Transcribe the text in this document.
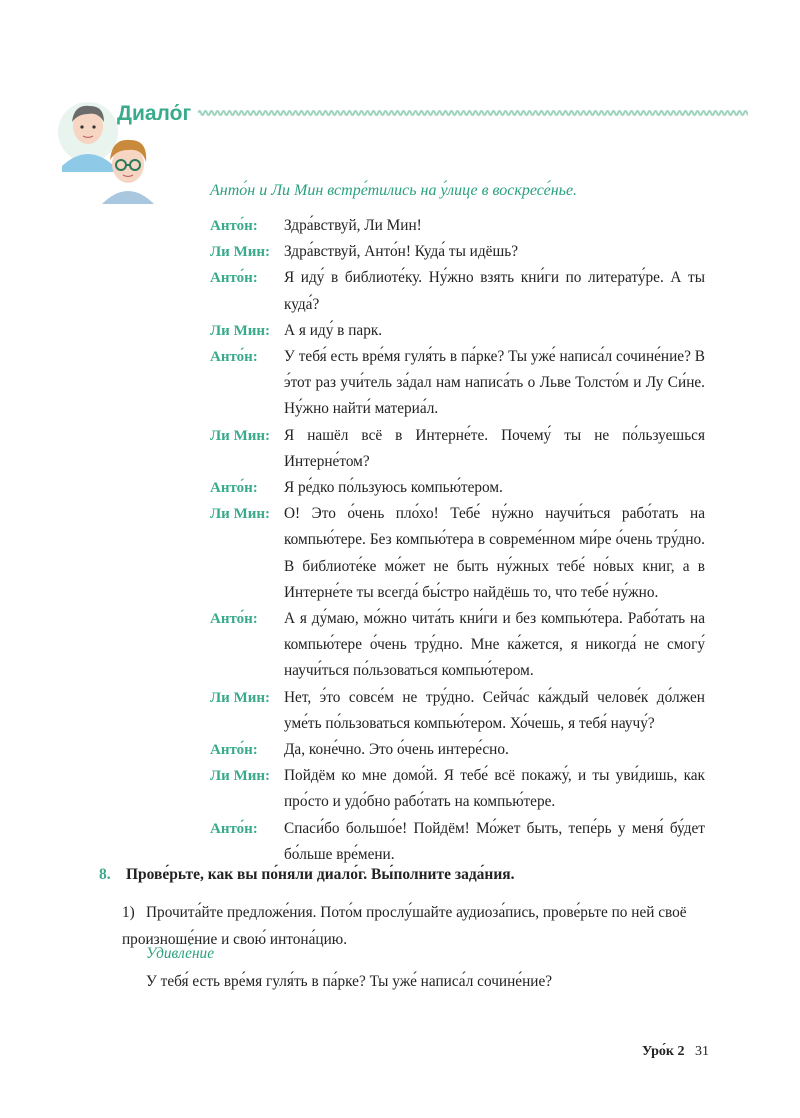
Диало́г
Анто́н и Ли Мин встре́тились на у́лице в воскресе́нье.
Анто́н:	Здра́вствуй, Ли Мин!
Ли Мин: Здра́вствуй, Анто́н! Куда́ ты идёшь?
Анто́н:	Я иду́ в библиоте́ку. Ну́жно взять кни́ги по литерату́ре. А ты куда́?
Ли Мин: А я иду́ в парк.
Анто́н:	У тебя́ есть вре́мя гуля́ть в па́рке? Ты уже́ написа́л сочине́ние? В э́тот раз учи́тель за́дал нам написа́ть о Льве Толсто́м и Лу Си́не. Ну́жно найти́ материа́л.
Ли Мин: Я нашёл всё в Интерне́те. Почему́ ты не по́льзуешься Интерне́том?
Анто́н:	Я ре́дко по́льзуюсь компью́тером.
Ли Мин: О! Это о́чень пло́хо! Тебе́ ну́жно научи́ться рабо́тать на компью́тере. Без компью́тера в совреме́нном ми́ре о́чень тру́дно. В библиоте́ке мо́жет не быть ну́жных тебе́ но́вых книг, а в Интерне́те ты всегда́ бы́стро найдёшь то, что тебе́ ну́жно.
Анто́н:	А я ду́маю, мо́жно чита́ть кни́ги и без компью́тера. Рабо́тать на компью́тере о́чень тру́дно. Мне ка́жется, я никогда́ не смогу́ научи́ться по́льзоваться компью́тером.
Ли Мин: Нет, э́то совсе́м не тру́дно. Сейча́с ка́ждый челове́к до́лжен уме́ть по́льзоваться компью́тером. Хо́чешь, я тебя́ научу́?
Анто́н:	Да, коне́чно. Это о́чень интере́сно.
Ли Мин: Пойдём ко мне домо́й. Я тебе́ всё покажу́, и ты уви́дишь, как про́сто и удо́бно рабо́тать на компью́тере.
Анто́н:	Спаси́бо большо́е! Пойдём! Мо́жет быть, тепе́рь у меня́ бу́дет бо́льше вре́мени.
8. Прове́рьте, как вы по́няли диало́г. Вы́полните зада́ния.
1) Прочита́йте предложе́ния. Пото́м прослу́шайте аудиоза́пись, прове́рьте по ней своё произноше́ние и свою́ интона́цию.
Удивле́ние
У тебя́ есть вре́мя гуля́ть в па́рке? Ты уже́ написа́л сочине́ние?
Уро́к 2 31
